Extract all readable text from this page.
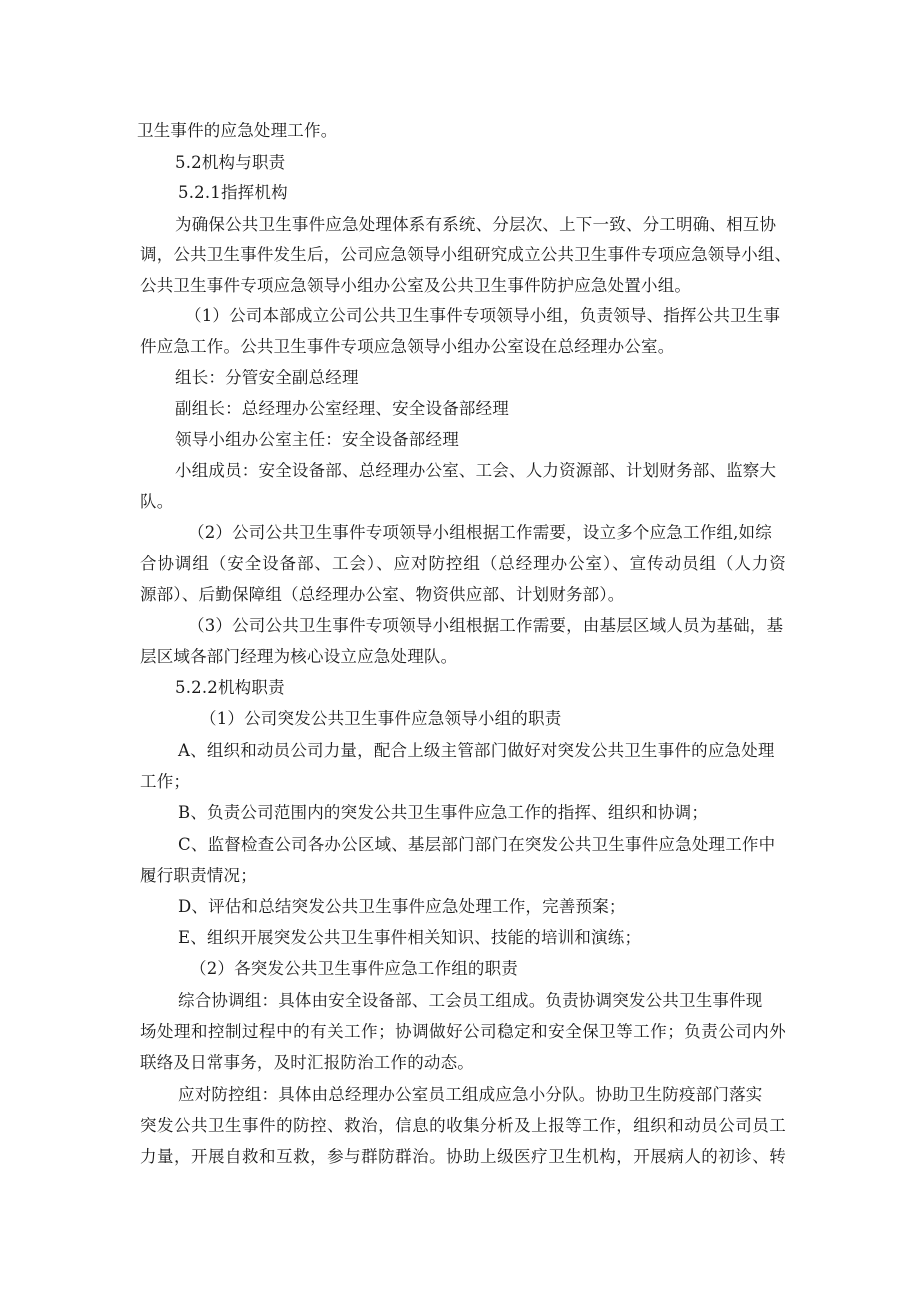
卫生事件的应急处理工作。
5.2机构与职责
5.2.1指挥机构
为确保公共卫生事件应急处理体系有系统、分层次、上下一致、分工明确、相互协
调，公共卫生事件发生后，公司应急领导小组研究成立公共卫生事件专项应急领导小组、
公共卫生事件专项应急领导小组办公室及公共卫生事件防护应急处置小组。
（1）公司本部成立公司公共卫生事件专项领导小组，负责领导、指挥公共卫生事
件应急工作。公共卫生事件专项应急领导小组办公室设在总经理办公室。
组长：分管安全副总经理
副组长：总经理办公室经理、安全设备部经理
领导小组办公室主任：安全设备部经理
小组成员：安全设备部、总经理办公室、工会、人力资源部、计划财务部、监察大
队。
（2）公司公共卫生事件专项领导小组根据工作需要，设立多个应急工作组,如综
合协调组（安全设备部、工会）、应对防控组（总经理办公室）、宣传动员组（人力资
源部）、后勤保障组（总经理办公室、物资供应部、计划财务部）。
（3）公司公共卫生事件专项领导小组根据工作需要，由基层区域人员为基础，基
层区域各部门经理为核心设立应急处理队。
5.2.2机构职责
（1）公司突发公共卫生事件应急领导小组的职责
A、组织和动员公司力量，配合上级主管部门做好对突发公共卫生事件的应急处理
工作；
B、负责公司范围内的突发公共卫生事件应急工作的指挥、组织和协调；
C、监督检查公司各办公区域、基层部门部门在突发公共卫生事件应急处理工作中
履行职责情况；
D、评估和总结突发公共卫生事件应急处理工作，完善预案；
E、组织开展突发公共卫生事件相关知识、技能的培训和演练；
（2）各突发公共卫生事件应急工作组的职责
综合协调组：具体由安全设备部、工会员工组成。负责协调突发公共卫生事件现
场处理和控制过程中的有关工作；协调做好公司稳定和安全保卫等工作；负责公司内外
联络及日常事务，及时汇报防治工作的动态。
应对防控组：具体由总经理办公室员工组成应急小分队。协助卫生防疫部门落实
突发公共卫生事件的防控、救治，信息的收集分析及上报等工作，组织和动员公司员工
力量，开展自救和互救，参与群防群治。协助上级医疗卫生机构，开展病人的初诊、转
